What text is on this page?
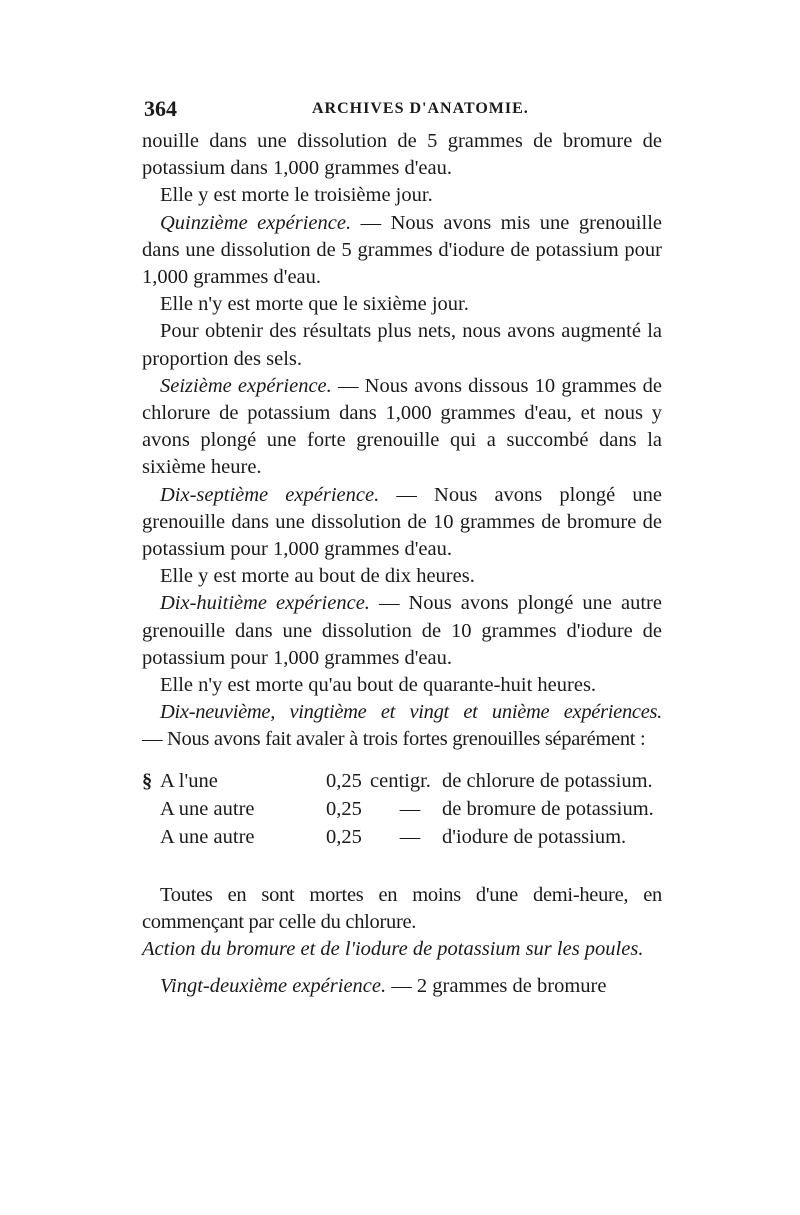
364	ARCHIVES D'ANATOMIE.

nouille dans une dissolution de 5 grammes de bromure de potassium dans 1,000 grammes d'eau.

Elle y est morte le troisième jour.

Quinzième expérience. — Nous avons mis une grenouille dans une dissolution de 5 grammes d'iodure de potassium pour 1,000 grammes d'eau.

Elle n'y est morte que le sixième jour.

Pour obtenir des résultats plus nets, nous avons augmenté la proportion des sels.

Seizième expérience. — Nous avons dissous 10 grammes de chlorure de potassium dans 1,000 grammes d'eau, et nous y avons plongé une forte grenouille qui a succombé dans la sixième heure.

Dix-septième expérience. — Nous avons plongé une grenouille dans une dissolution de 10 grammes de bromure de potassium pour 1,000 grammes d'eau.

Elle y est morte au bout de dix heures.

Dix-huitième expérience. — Nous avons plongé une autre grenouille dans une dissolution de 10 grammes d'iodure de potassium pour 1,000 grammes d'eau.

Elle n'y est morte qu'au bout de quarante-huit heures.

Dix-neuvième, vingtième et vingt et unième expériences.

— Nous avons fait avaler à trois fortes grenouilles séparément :

§ A l'une	0,25 centigr. de chlorure de potassium.
A une autre	0,25	—	de bromure de potassium.
A une autre	0,25	—	d'iodure de potassium.

Toutes en sont mortes en moins d'une demi-heure, en commençant par celle du chlorure.

Action du bromure et de l'iodure de potassium sur les poules.

Vingt-deuxième expérience. — 2 grammes de bromure
